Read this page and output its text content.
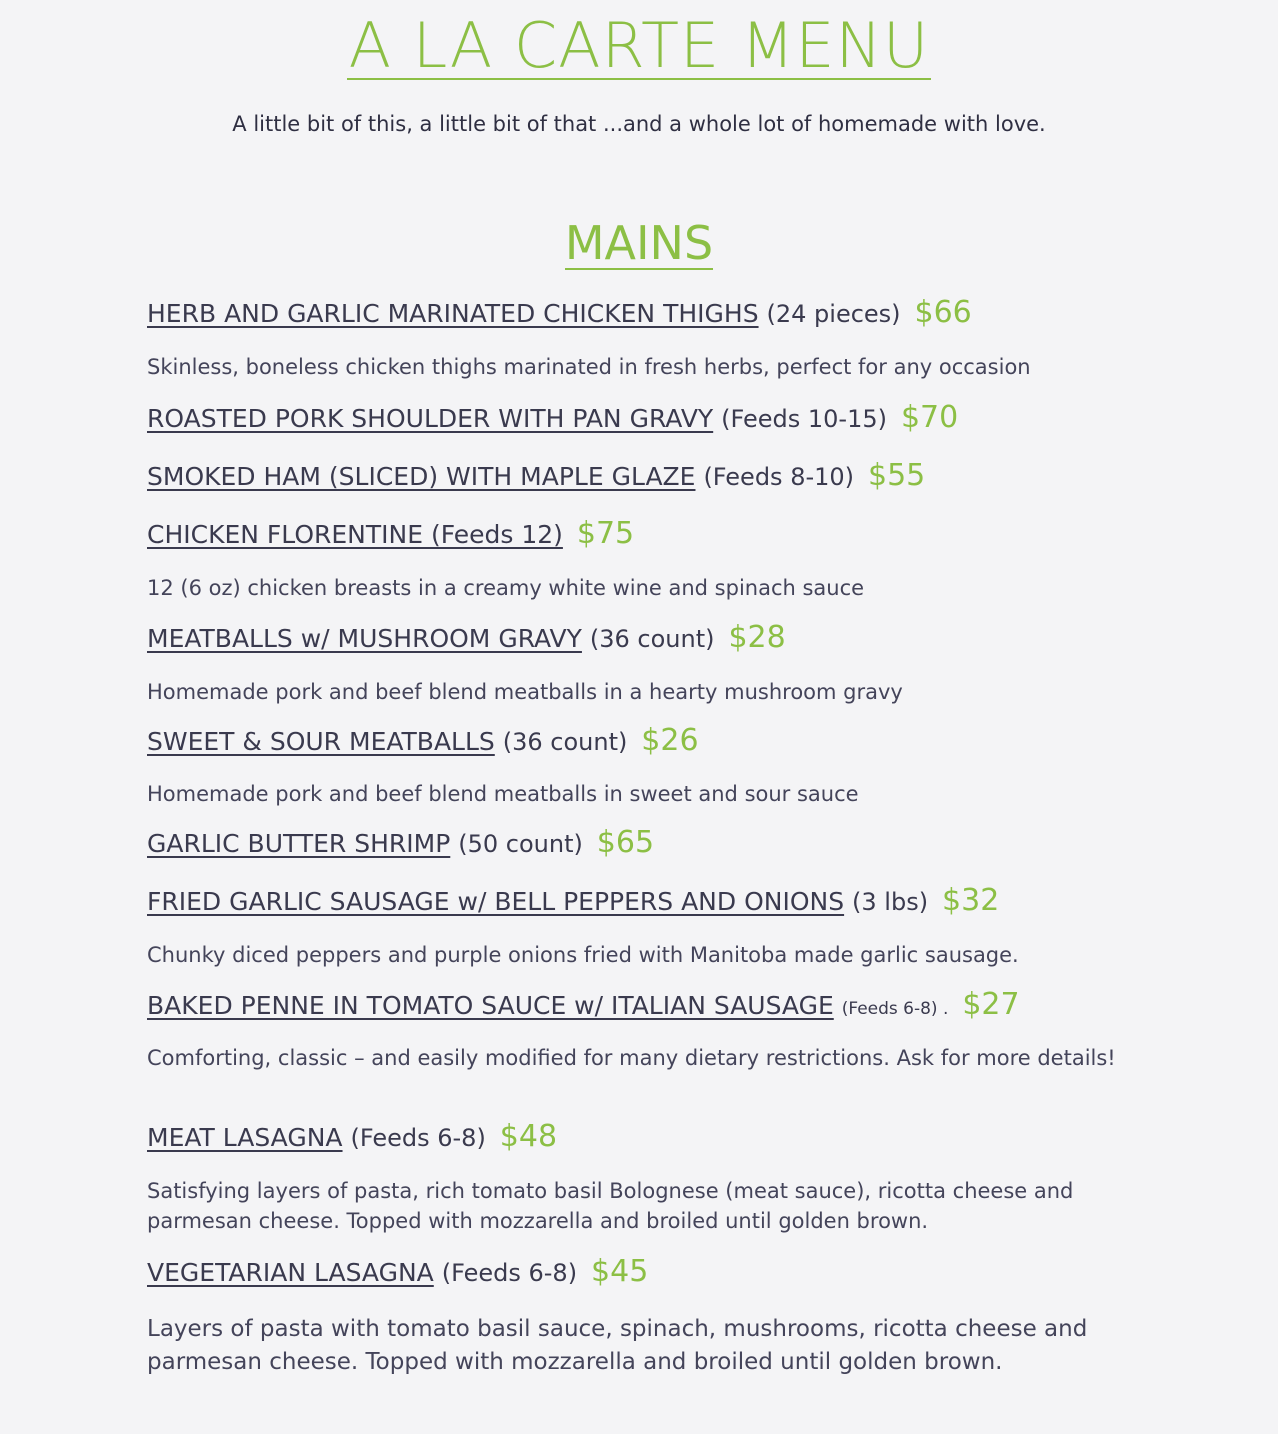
A LA CARTE MENU
A little bit of this, a little bit of that ...and a whole lot of homemade with love.
MAINS
HERB AND GARLIC MARINATED CHICKEN THIGHS (24 pieces) $66
Skinless, boneless chicken thighs marinated in fresh herbs, perfect for any occasion
ROASTED PORK SHOULDER WITH PAN GRAVY (Feeds 10-15) $70
SMOKED HAM (SLICED) WITH MAPLE GLAZE (Feeds 8-10) $55
CHICKEN FLORENTINE (Feeds 12) $75
12 (6 oz) chicken breasts in a creamy white wine and spinach sauce
MEATBALLS w/ MUSHROOM GRAVY (36 count) $28
Homemade pork and beef blend meatballs in a hearty mushroom gravy
SWEET & SOUR MEATBALLS (36 count) $26
Homemade pork and beef blend meatballs in sweet and sour sauce
GARLIC BUTTER SHRIMP (50 count) $65
FRIED GARLIC SAUSAGE w/ BELL PEPPERS AND ONIONS (3 lbs) $32
Chunky diced peppers and purple onions fried with Manitoba made garlic sausage.
BAKED PENNE IN TOMATO SAUCE w/ ITALIAN SAUSAGE (Feeds 6-8) . $27
Comforting, classic – and easily modified for many dietary restrictions. Ask for more details!
MEAT LASAGNA (Feeds 6-8) $48
Satisfying layers of pasta, rich tomato basil Bolognese (meat sauce), ricotta cheese and parmesan cheese. Topped with mozzarella and broiled until golden brown.
VEGETARIAN LASAGNA (Feeds 6-8) $45
Layers of pasta with tomato basil sauce, spinach, mushrooms, ricotta cheese and parmesan cheese. Topped with mozzarella and broiled until golden brown.
